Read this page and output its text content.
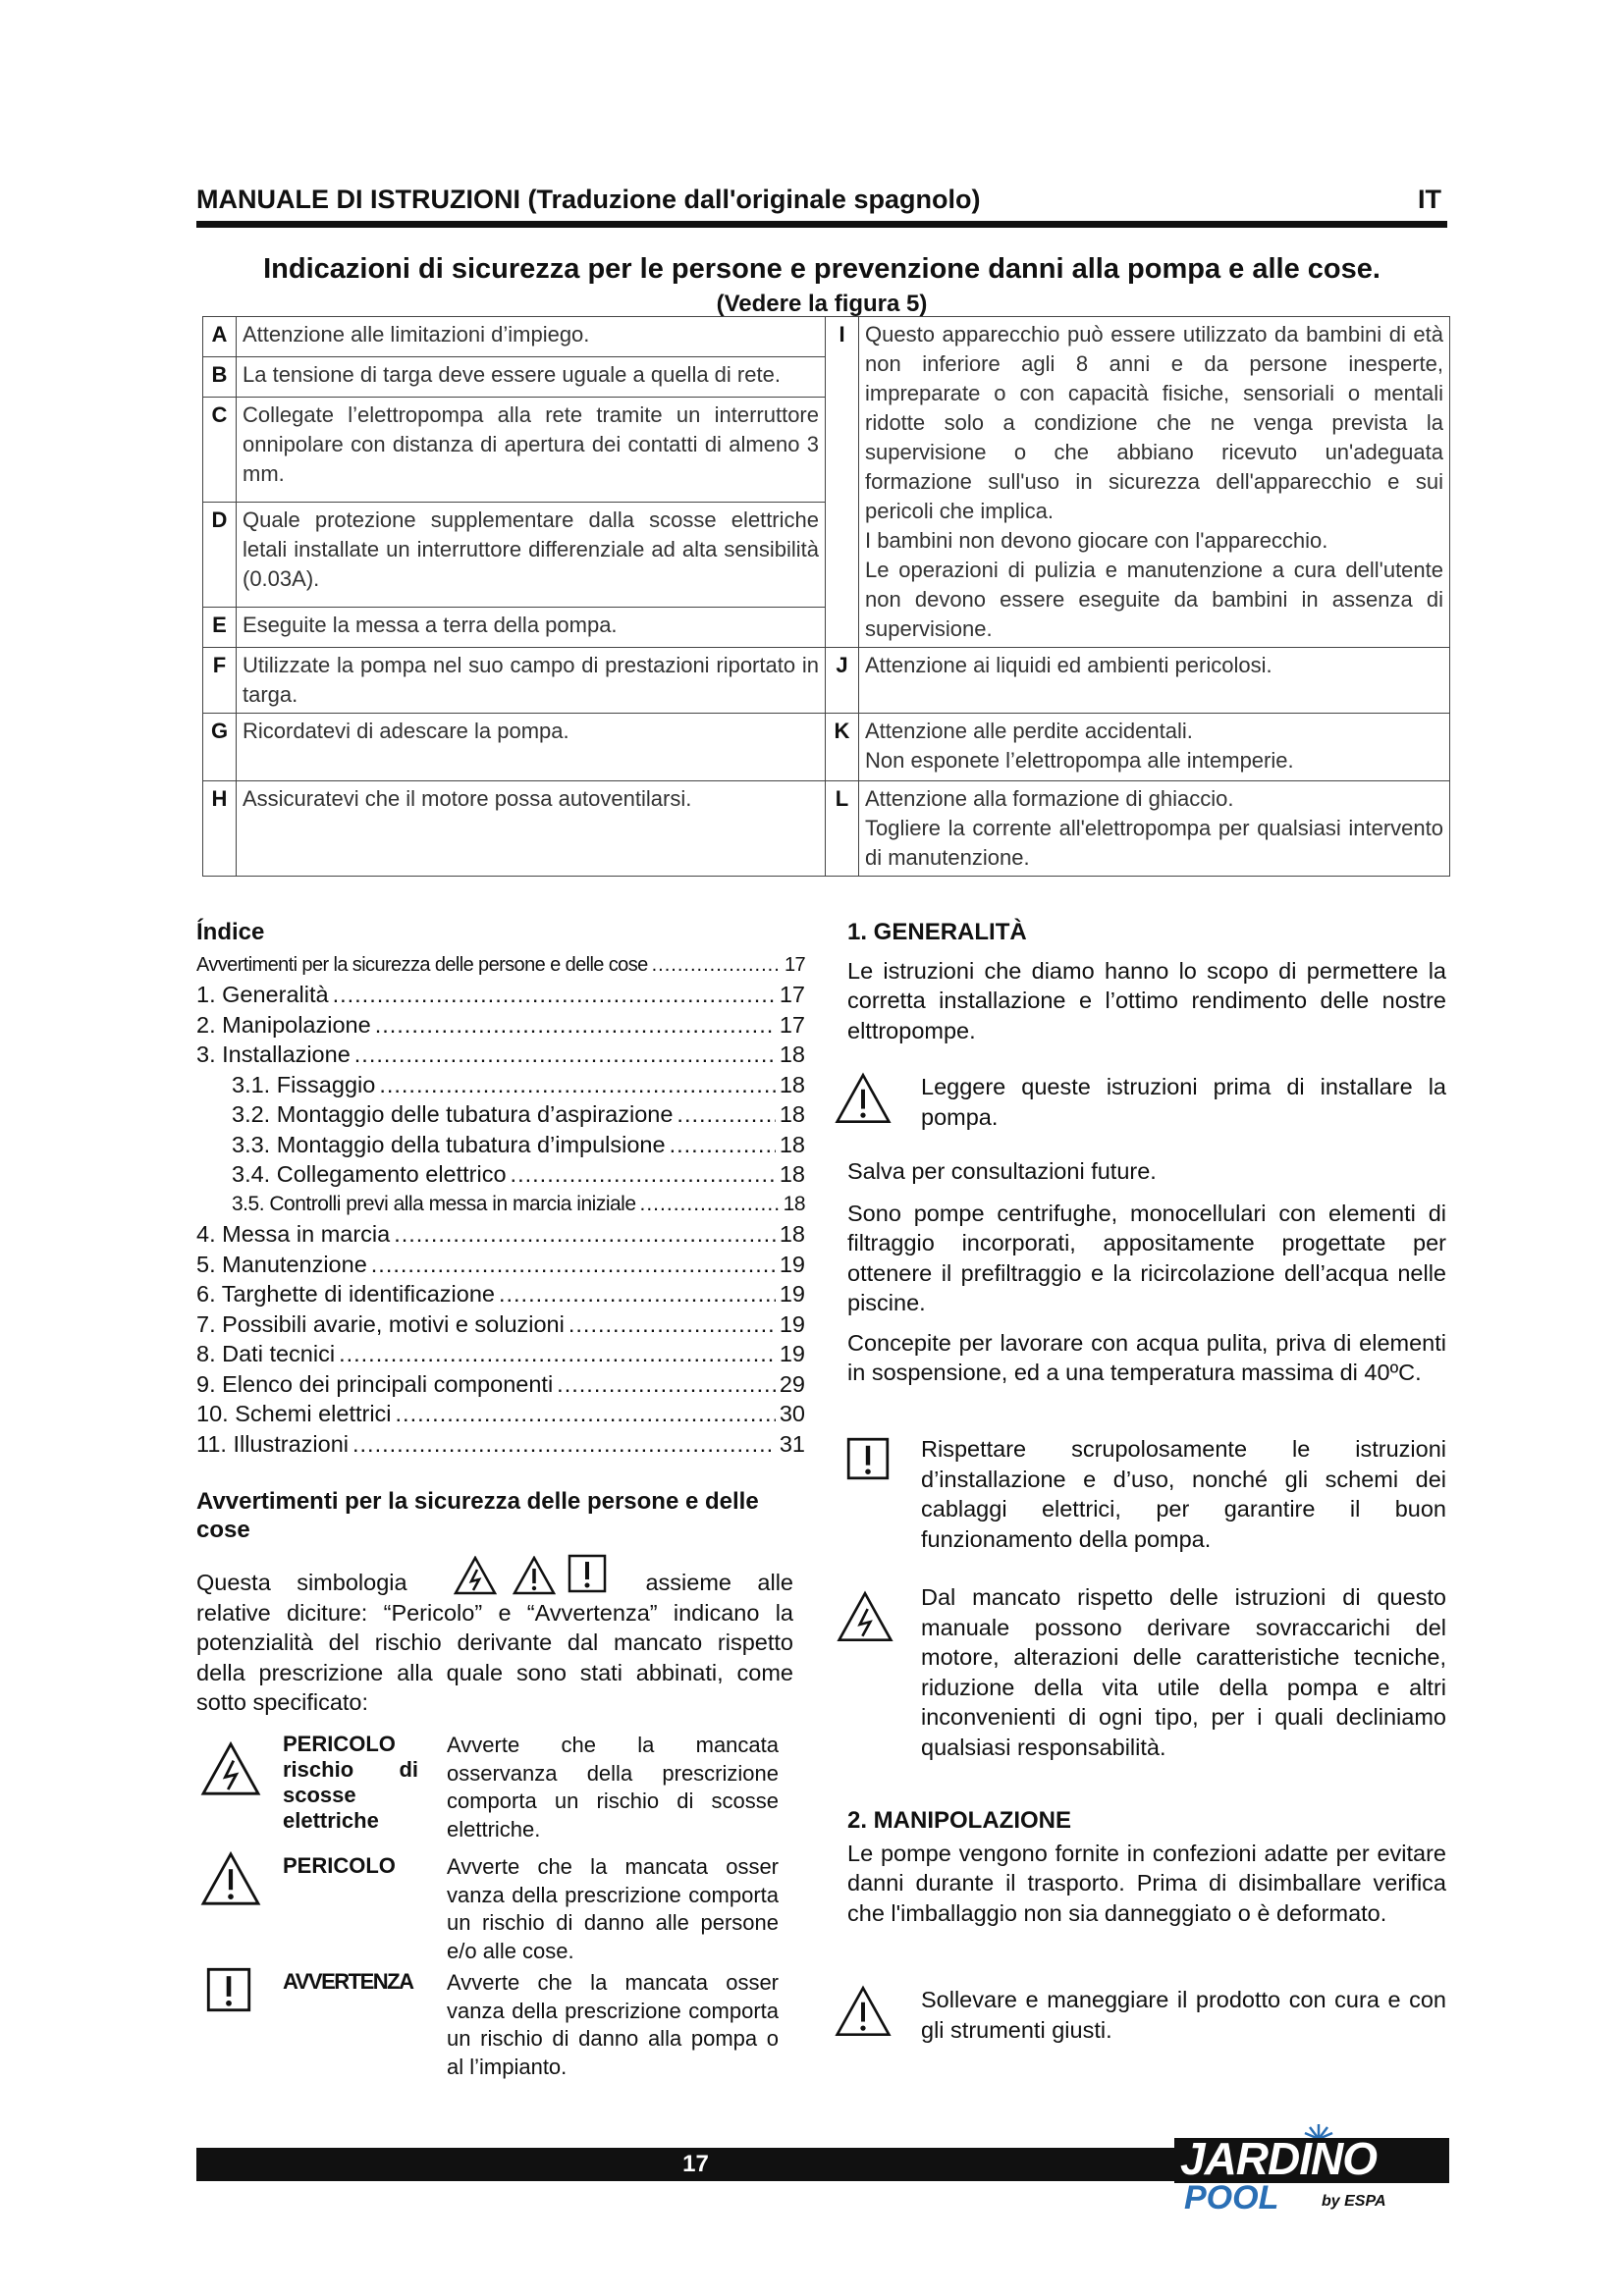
MANUALE DI ISTRUZIONI (Traduzione dall'originale spagnolo)	IT
Indicazioni di sicurezza per le persone e prevenzione danni alla pompa e alle cose.
(Vedere la figura 5)
A	Attenzione alle limitazioni d’impiego.	I	Questo apparecchio può essere utilizzato da bambini di età non inferiore agli 8 anni e da persone inesperte, impreparate o con capacità fisiche, sensoriali o mentali ridotte solo a condizione che ne venga prevista la supervisione o che abbiano ricevuto un'adeguata formazione sull'uso in sicurezza dell'apparecchio e sui pericoli che implica.
I bambini non devono giocare con l'apparecchio.
Le operazioni di pulizia e manutenzione a cura dell'utente non devono essere eseguite da bambini in assenza di supervisione.

B	La tensione di targa deve essere uguale a quella di rete.		
C	Collegate l’elettropompa alla rete tramite un interruttore onnipolare con distanza di apertura dei contatti di almeno 3 mm.		
D	Quale protezione supplementare dalla scosse elettriche letali installate un interruttore differenziale ad alta sensibilità (0.03A).		
E	Eseguite la messa a terra della pompa.		
F	Utilizzate la pompa nel suo campo di prestazioni riportato in targa.	J	Attenzione ai liquidi ed ambienti pericolosi.
G	Ricordatevi di adescare la pompa.	K	Attenzione alle perdite accidentali.
Non esponete l’elettropompa alle intemperie.

H	Assicuratevi che il motore possa autoventilarsi.	L	Attenzione alla formazione di ghiaccio.
Togliere la corrente all'elettropompa per qualsiasi intervento di manutenzione.
Índice
Avvertimenti per la sicurezza delle persone e delle cose .....	17
1. Generalità .....	17
2. Manipolazione .....	17
3. Installazione .....	18
3.1. Fissaggio .....	18
3.2. Montaggio delle tubatura d’aspirazione .....	18
3.3. Montaggio della tubatura d’impulsione .....	18
3.4. Collegamento elettrico .....	18
3.5. Controlli previ alla messa in marcia iniziale .....	18
4. Messa in marcia .....	18
5. Manutenzione .....	19
6. Targhette di identificazione .....	19
7. Possibili avarie, motivi e soluzioni .....	19
8. Dati tecnici .....	19
9. Elenco dei principali componenti .....	29
10. Schemi elettrici .....	30
11. Illustrazioni .....	31
Avvertimenti per la sicurezza delle persone e delle cose

Questa simbologia	assieme alle relative diciture: “Pericolo” e “Avvertenza” indicano la potenzialità del rischio derivante dal mancato rispetto della prescrizione alla quale sono stati abbinati, come sotto specificato:

PERICOLO rischio di scosse elettriche
Avverte che la mancata osservanza della prescrizione comporta un rischio di scosse elettriche.
PERICOLO Avverte che la mancata osser vanza della prescrizione comporta un rischio di danno alle persone e/o alle cose.
AVVERTENZA Avverte che la mancata osser vanza della prescrizione comporta un rischio di danno alla pompa o al l’impianto.
1. GENERALITÀ

Le istruzioni che diamo hanno lo scopo di permettere la corretta installazione e l’ottimo rendimento delle nostre elttropompe.

Leggere queste istruzioni prima di installare la pompa.

Salva per consultazioni future.

Sono pompe centrifughe, monocellulari con elementi di filtraggio incorporati, appositamente progettate per ottenere il prefiltraggio e la ricircolazione dell’acqua nelle piscine.

Concepite per lavorare con acqua pulita, priva di elementi in sospensione, ed a una temperatura massima di 40ºC.

Rispettare scrupolosamente le istruzioni d’installazione e d’uso, nonché gli schemi dei cablaggi elettrici, per garantire il buon funzionamento della pompa.

Dal mancato rispetto delle istruzioni di questo manuale possono derivare sovraccarichi del motore, alterazioni delle caratteristiche tecniche, riduzione della vita utile della pompa e altri inconvenienti di ogni tipo, per i quali decliniamo qualsiasi responsabilità.

2. MANIPOLAZIONE

Le pompe vengono fornite in confezioni adatte per evitare danni durante il trasporto. Prima di disimballare verifica che l'imballaggio non sia danneggiato o è deformato.

Sollevare e maneggiare il prodotto con cura e con gli strumenti giusti.

17	JARDINO
POOL	by ESPA
